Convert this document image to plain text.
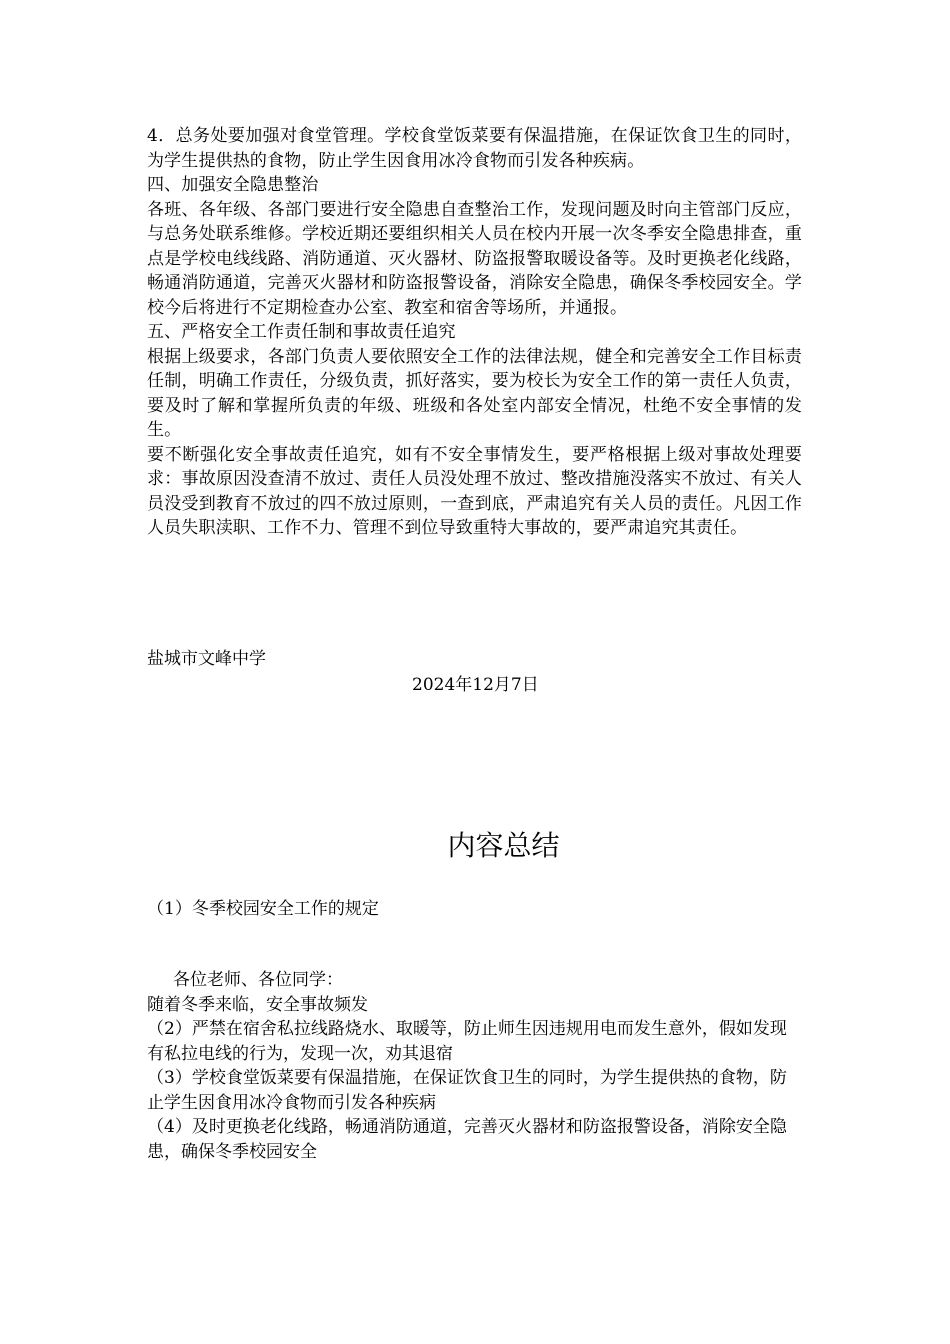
4．总务处要加强对食堂管理。学校食堂饭菜要有保温措施，在保证饮食卫生的同时，为学生提供热的食物，防止学生因食用冰冷食物而引发各种疾病。

四、加强安全隐患整治

各班、各年级、各部门要进行安全隐患自查整治工作，发现问题及时向主管部门反应，与总务处联系维修。学校近期还要组织相关人员在校内开展一次冬季安全隐患排查，重点是学校电线线路、消防通道、灭火器材、防盗报警取暖设备等。及时更换老化线路，畅通消防通道，完善灭火器材和防盗报警设备，消除安全隐患，确保冬季校园安全。学校今后将进行不定期检查办公室、教室和宿舍等场所，并通报。

五、严格安全工作责任制和事故责任追究

根据上级要求，各部门负责人要依照安全工作的法律法规，健全和完善安全工作目标责任制，明确工作责任，分级负责，抓好落实，要为校长为安全工作的第一责任人负责，要及时了解和掌握所负责的年级、班级和各处室内部安全情况，杜绝不安全事情的发生。

要不断强化安全事故责任追究，如有不安全事情发生，要严格根据上级对事故处理要求：事故原因没查清不放过、责任人员没处理不放过、整改措施没落实不放过、有关人员没受到教育不放过的四不放过原则，一查到底，严肃追究有关人员的责任。凡因工作人员失职渎职、工作不力、管理不到位导致重特大事故的，要严肃追究其责任。

盐城市文峰中学
2024年12月7日
内容总结
（1）冬季校园安全工作的规定

各位老师、各位同学：

随着冬季来临，安全事故频发

（2）严禁在宿舍私拉线路烧水、取暖等，防止师生因违规用电而发生意外，假如发现有私拉电线的行为，发现一次，劝其退宿

（3）学校食堂饭菜要有保温措施，在保证饮食卫生的同时，为学生提供热的食物，防止学生因食用冰冷食物而引发各种疾病

（4）及时更换老化线路，畅通消防通道，完善灭火器材和防盗报警设备，消除安全隐患，确保冬季校园安全
